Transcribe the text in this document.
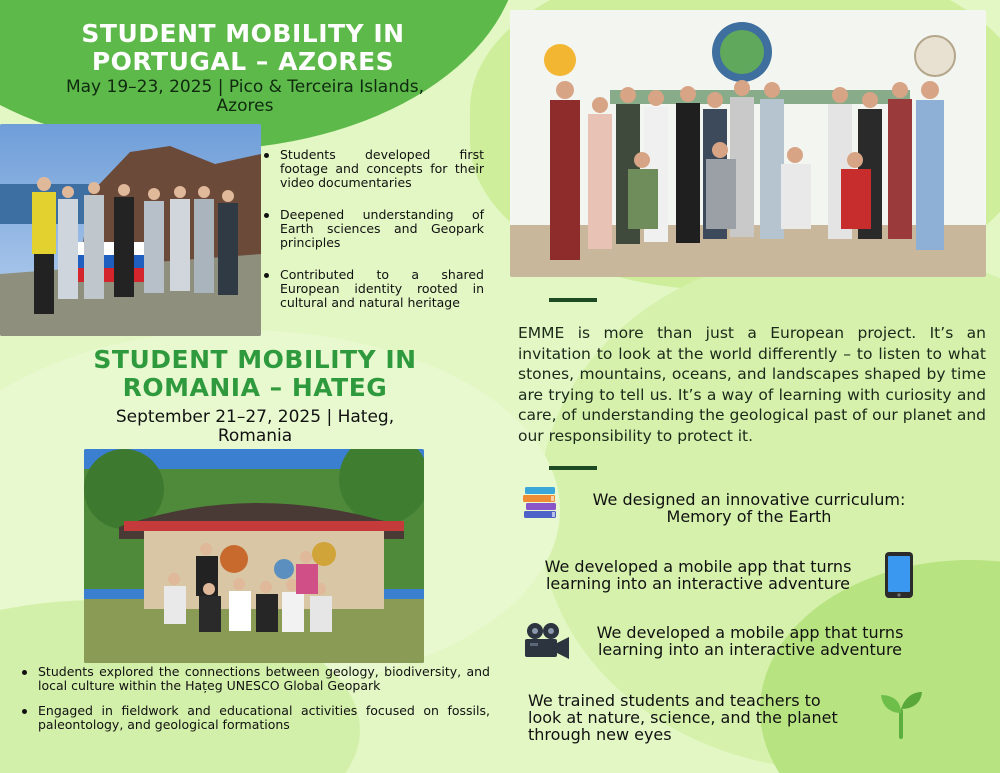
STUDENT MOBILITY IN PORTUGAL – AZORES
May 19–23, 2025 | Pico & Terceira Islands, Azores
Students developed first footage and concepts for their video documentaries
Deepened understanding of Earth sciences and Geopark principles
Contributed to a shared European identity rooted in cultural and natural heritage
STUDENT MOBILITY IN ROMANIA – HATEG
September 21–27, 2025 | Hateg, Romania
Students explored the connections between geology, biodiversity, and local culture within the Hațeg UNESCO Global Geopark
Engaged in fieldwork and educational activities focused on fossils, paleontology, and geological formations

EMME is more than just a European project. It’s an invitation to look at the world differently – to listen to what stones, mountains, oceans, and landscapes shaped by time are trying to tell us. It’s a way of learning with curiosity and care, of understanding the geological past of our planet and our responsibility to protect it.

We designed an innovative curriculum:
Memory of the Earth
We developed a mobile app that turns
learning into an interactive adventure
We developed a mobile app that turns
learning into an interactive adventure
We trained students and teachers to
look at nature, science, and the planet
through new eyes
